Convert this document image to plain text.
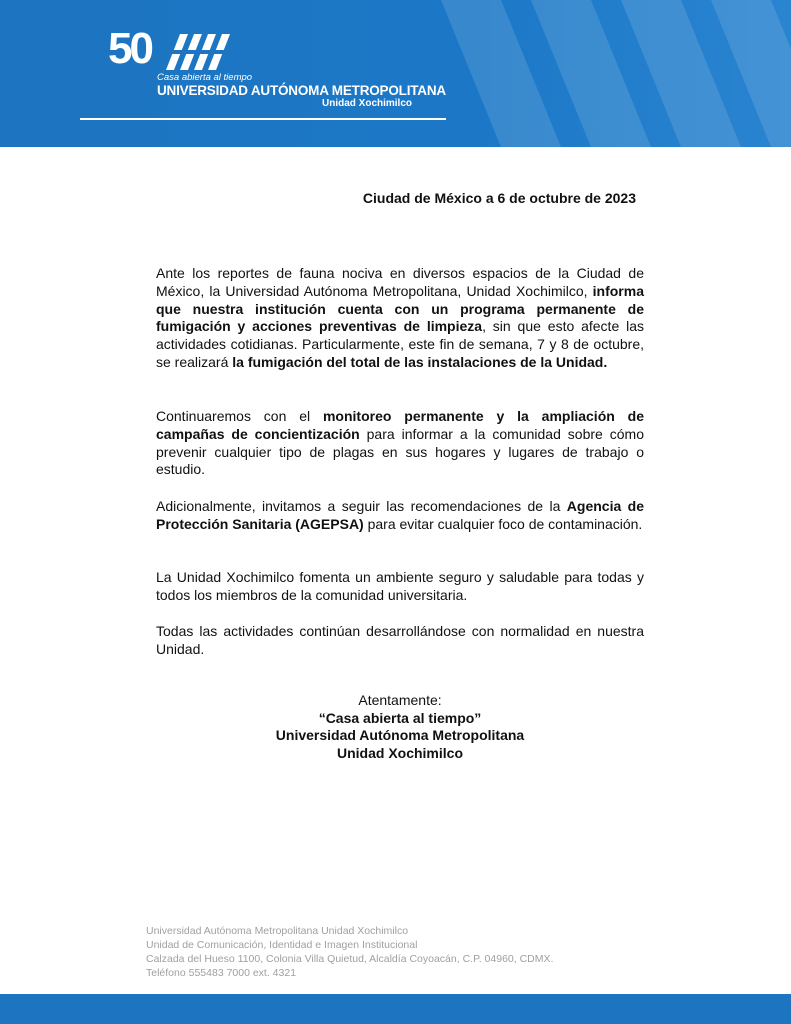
50
Casa abierta al tiempo
UNIVERSIDAD AUTÓNOMA METROPOLITANA
Unidad Xochimilco
Ciudad de México a 6 de octubre de 2023

Ante los reportes de fauna nociva en diversos espacios de la Ciudad de México, la Universidad Autónoma Metropolitana, Unidad Xochimilco, informa que nuestra institución cuenta con un programa permanente de fumigación y acciones preventivas de limpieza, sin que esto afecte las actividades cotidianas. Particularmente, este fin de semana, 7 y 8 de octubre, se realizará la fumigación del total de las instalaciones de la Unidad.

Continuaremos con el monitoreo permanente y la ampliación de campañas de concientización para informar a la comunidad sobre cómo prevenir cualquier tipo de plagas en sus hogares y lugares de trabajo o estudio.

Adicionalmente, invitamos a seguir las recomendaciones de la Agencia de Protección Sanitaria (AGEPSA) para evitar cualquier foco de contaminación.

La Unidad Xochimilco fomenta un ambiente seguro y saludable para todas y todos los miembros de la comunidad universitaria.

Todas las actividades continúan desarrollándose con normalidad en nuestra Unidad.

Atentamente:
“Casa abierta al tiempo”
Universidad Autónoma Metropolitana
Unidad Xochimilco
Universidad Autónoma Metropolitana Unidad Xochimilco
Unidad de Comunicación, Identidad e Imagen Institucional
Calzada del Hueso 1100, Colonia Villa Quietud, Alcaldía Coyoacán, C.P. 04960, CDMX.
Teléfono 555483 7000 ext. 4321
